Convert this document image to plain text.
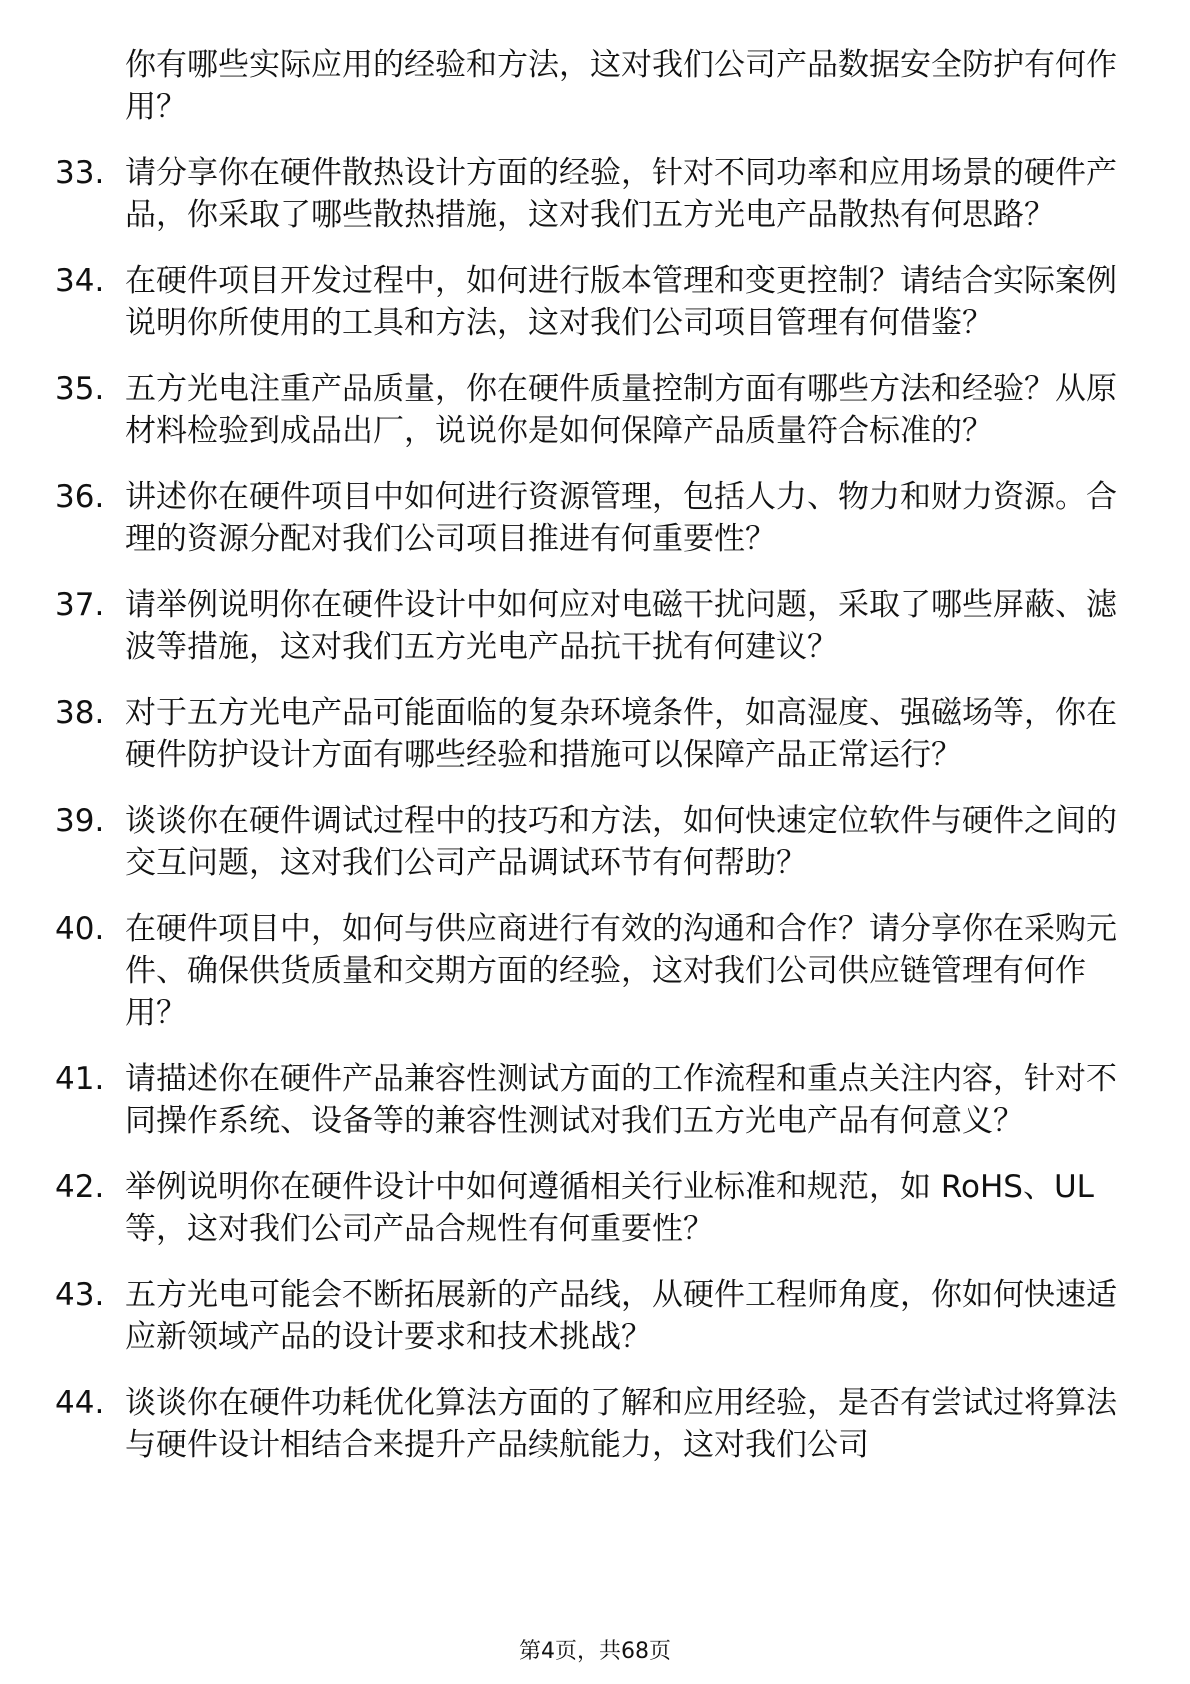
你有哪些实际应用的经验和方法，这对我们公司产品数据安全防护有何作用？
33. 请分享你在硬件散热设计方面的经验，针对不同功率和应用场景的硬件产品，你采取了哪些散热措施，这对我们五方光电产品散热有何思路？
34. 在硬件项目开发过程中，如何进行版本管理和变更控制？请结合实际案例说明你所使用的工具和方法，这对我们公司项目管理有何借鉴？
35. 五方光电注重产品质量，你在硬件质量控制方面有哪些方法和经验？从原材料检验到成品出厂，说说你是如何保障产品质量符合标准的？
36. 讲述你在硬件项目中如何进行资源管理，包括人力、物力和财力资源。合理的资源分配对我们公司项目推进有何重要性？
37. 请举例说明你在硬件设计中如何应对电磁干扰问题，采取了哪些屏蔽、滤波等措施，这对我们五方光电产品抗干扰有何建议？
38. 对于五方光电产品可能面临的复杂环境条件，如高湿度、强磁场等，你在硬件防护设计方面有哪些经验和措施可以保障产品正常运行？
39. 谈谈你在硬件调试过程中的技巧和方法，如何快速定位软件与硬件之间的交互问题，这对我们公司产品调试环节有何帮助？
40. 在硬件项目中，如何与供应商进行有效的沟通和合作？请分享你在采购元件、确保供货质量和交期方面的经验，这对我们公司供应链管理有何作用？
41. 请描述你在硬件产品兼容性测试方面的工作流程和重点关注内容，针对不同操作系统、设备等的兼容性测试对我们五方光电产品有何意义？
42. 举例说明你在硬件设计中如何遵循相关行业标准和规范，如 RoHS、UL 等，这对我们公司产品合规性有何重要性？
43. 五方光电可能会不断拓展新的产品线，从硬件工程师角度，你如何快速适应新领域产品的设计要求和技术挑战？
44. 谈谈你在硬件功耗优化算法方面的了解和应用经验，是否有尝试过将算法与硬件设计相结合来提升产品续航能力，这对我们公司
第4页，共68页
